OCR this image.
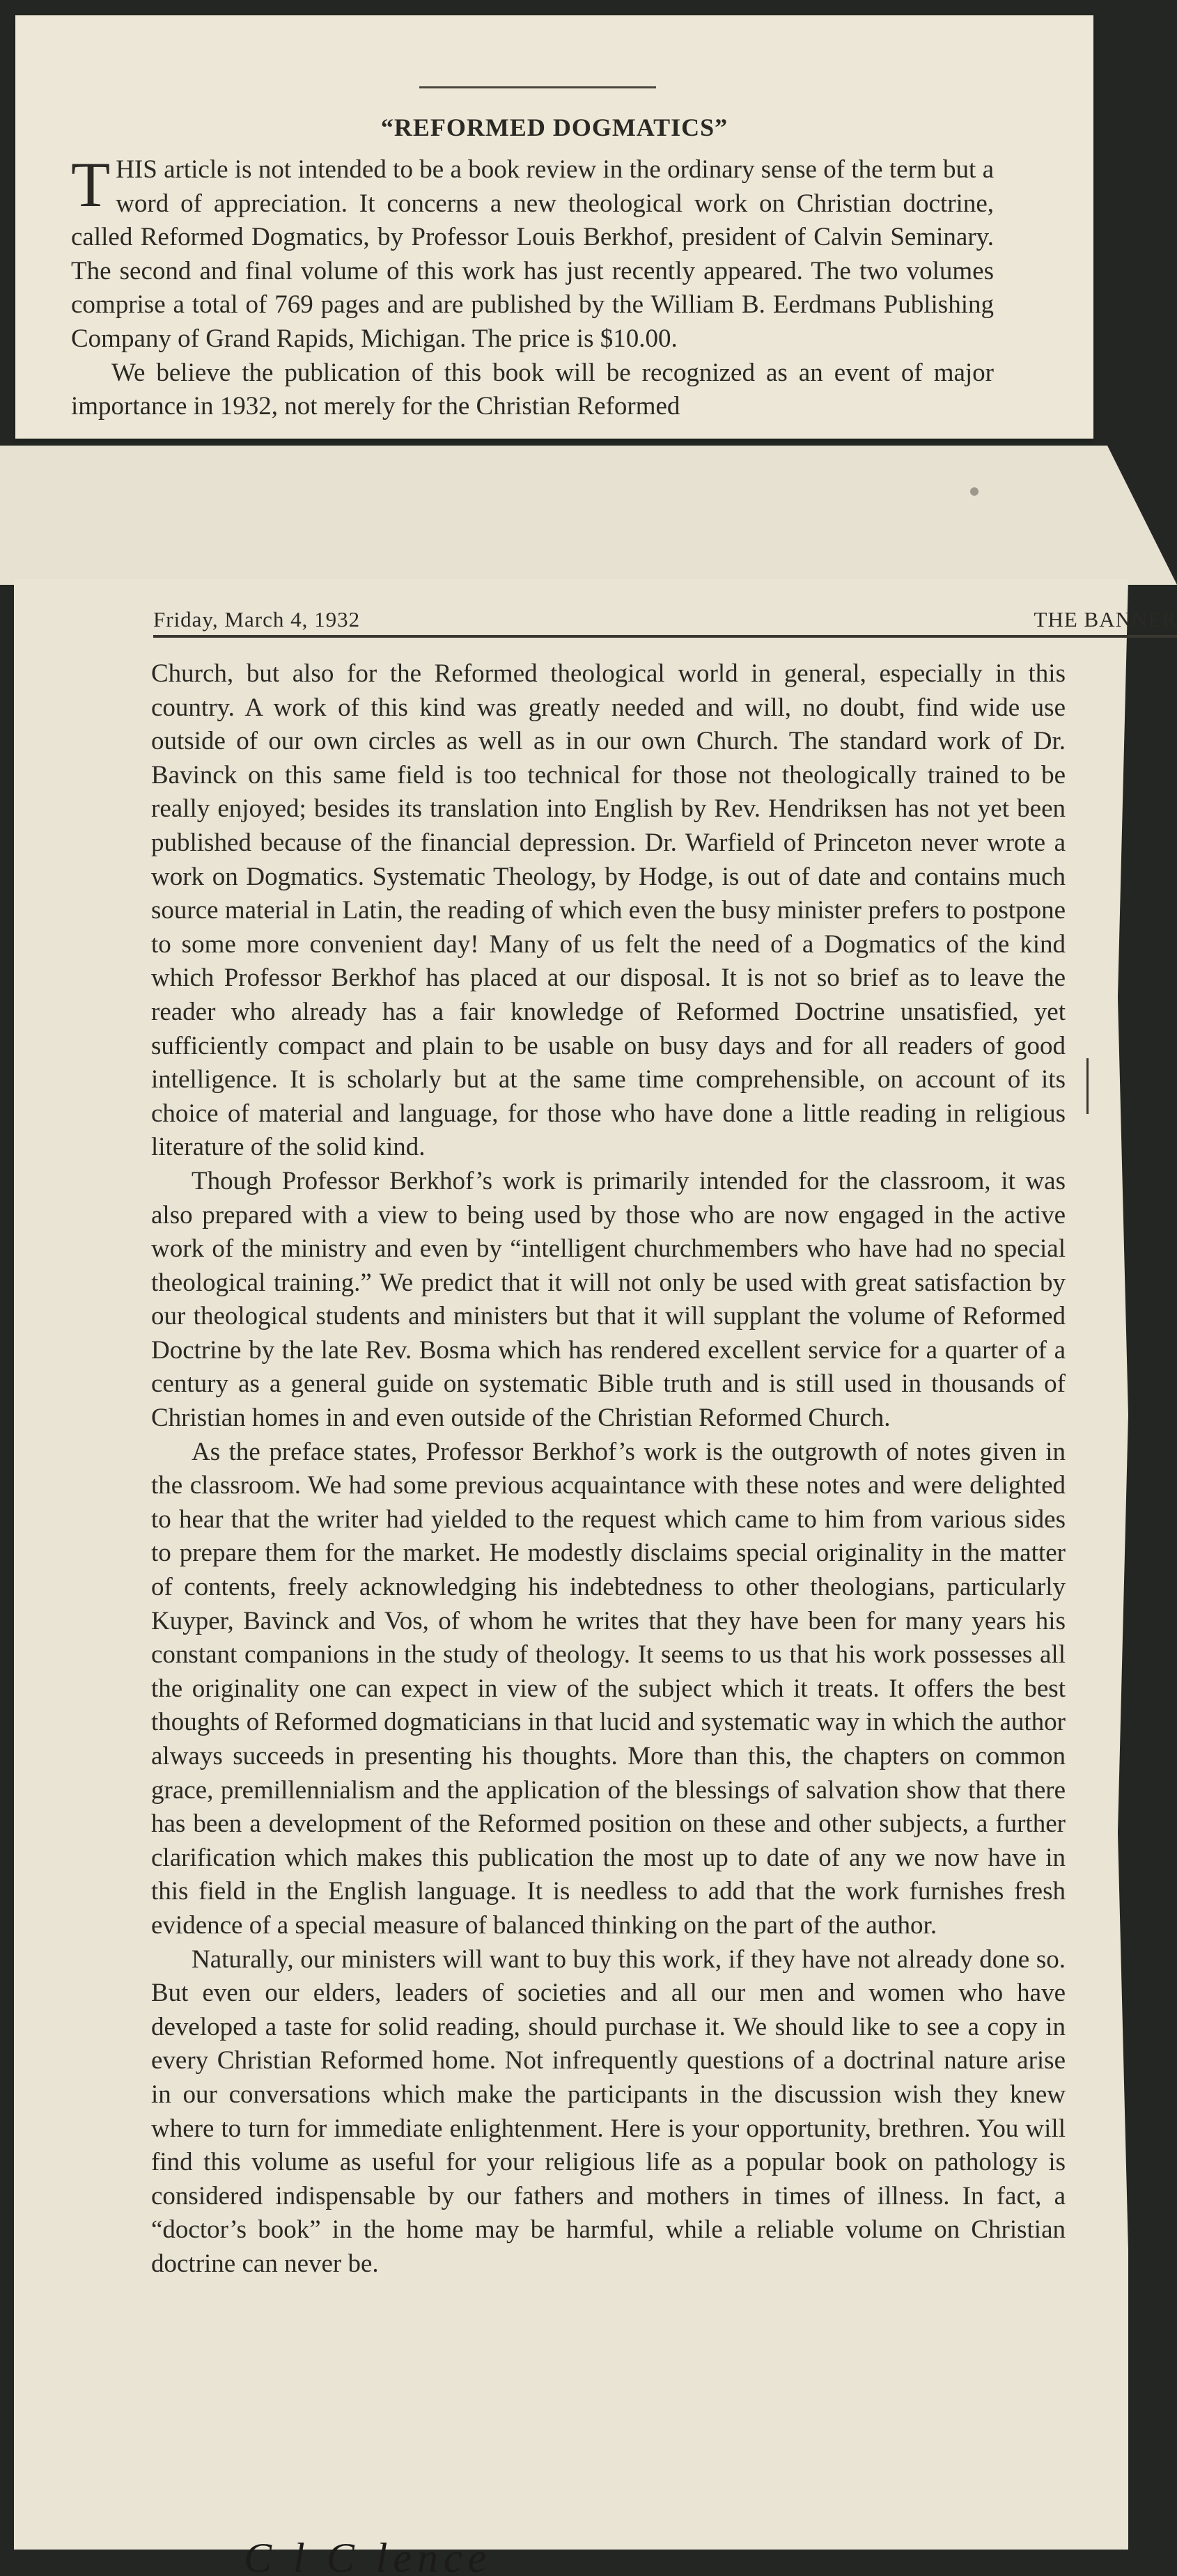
“REFORMED DOGMATICS”

THIS article is not intended to be a book review in the ordinary sense of the term but a word of appreciation. It concerns a new theological work on Christian doctrine, called Reformed Dogmatics, by Professor Louis Berkhof, president of Calvin Seminary. The second and final volume of this work has just recently appeared. The two volumes comprise a total of 769 pages and are published by the William B. Eerdmans Publishing Company of Grand Rapids, Michigan. The price is $10.00.

We believe the publication of this book will be recognized as an event of major importance in 1932, not merely for the Christian Reformed

Friday, March 4, 1932	THE BANNER

Church, but also for the Reformed theological world in general, especially in this country. A work of this kind was greatly needed and will, no doubt, find wide use outside of our own circles as well as in our own Church. The standard work of Dr. Bavinck on this same field is too technical for those not theologically trained to be really enjoyed; besides its translation into English by Rev. Hendriksen has not yet been published because of the financial depression. Dr. Warfield of Princeton never wrote a work on Dogmatics. Systematic Theology, by Hodge, is out of date and contains much source material in Latin, the reading of which even the busy minister prefers to postpone to some more convenient day! Many of us felt the need of a Dogmatics of the kind which Professor Berkhof has placed at our disposal. It is not so brief as to leave the reader who already has a fair knowledge of Reformed Doctrine unsatisfied, yet sufficiently compact and plain to be usable on busy days and for all readers of good intelligence. It is scholarly but at the same time comprehensible, on account of its choice of material and language, for those who have done a little reading in religious literature of the solid kind.

Though Professor Berkhof’s work is primarily intended for the classroom, it was also prepared with a view to being used by those who are now engaged in the active work of the ministry and even by “intelligent churchmembers who have had no special theological training.” We predict that it will not only be used with great satisfaction by our theological students and ministers but that it will supplant the volume of Reformed Doctrine by the late Rev. Bosma which has rendered excellent service for a quarter of a century as a general guide on systematic Bible truth and is still used in thousands of Christian homes in and even outside of the Christian Reformed Church.

As the preface states, Professor Berkhof’s work is the outgrowth of notes given in the classroom. We had some previous acquaintance with these notes and were delighted to hear that the writer had yielded to the request which came to him from various sides to prepare them for the market. He modestly disclaims special originality in the matter of contents, freely acknowledging his indebtedness to other theologians, particularly Kuyper, Bavinck and Vos, of whom he writes that they have been for many years his constant companions in the study of theology. It seems to us that his work possesses all the originality one can expect in view of the subject which it treats. It offers the best thoughts of Reformed dogmaticians in that lucid and systematic way in which the author always succeeds in presenting his thoughts. More than this, the chapters on common grace, premillennialism and the application of the blessings of salvation show that there has been a development of the Reformed position on these and other subjects, a further clarification which makes this publication the most up to date of any we now have in this field in the English language. It is needless to add that the work furnishes fresh evidence of a special measure of balanced thinking on the part of the author.

Naturally, our ministers will want to buy this work, if they have not already done so. But even our elders, leaders of societies and all our men and women who have developed a taste for solid reading, should purchase it. We should like to see a copy in every Christian Reformed home. Not infrequently questions of a doctrinal nature arise in our conversations which make the participants in the discussion wish they knew where to turn for immediate enlightenment. Here is your opportunity, brethren. You will find this volume as useful for your religious life as a popular book on pathology is considered indispensable by our fathers and mothers in times of illness. In fact, a “doctor’s book” in the home may be harmful, while a reliable volume on Christian doctrine can never be.

C l C lence
